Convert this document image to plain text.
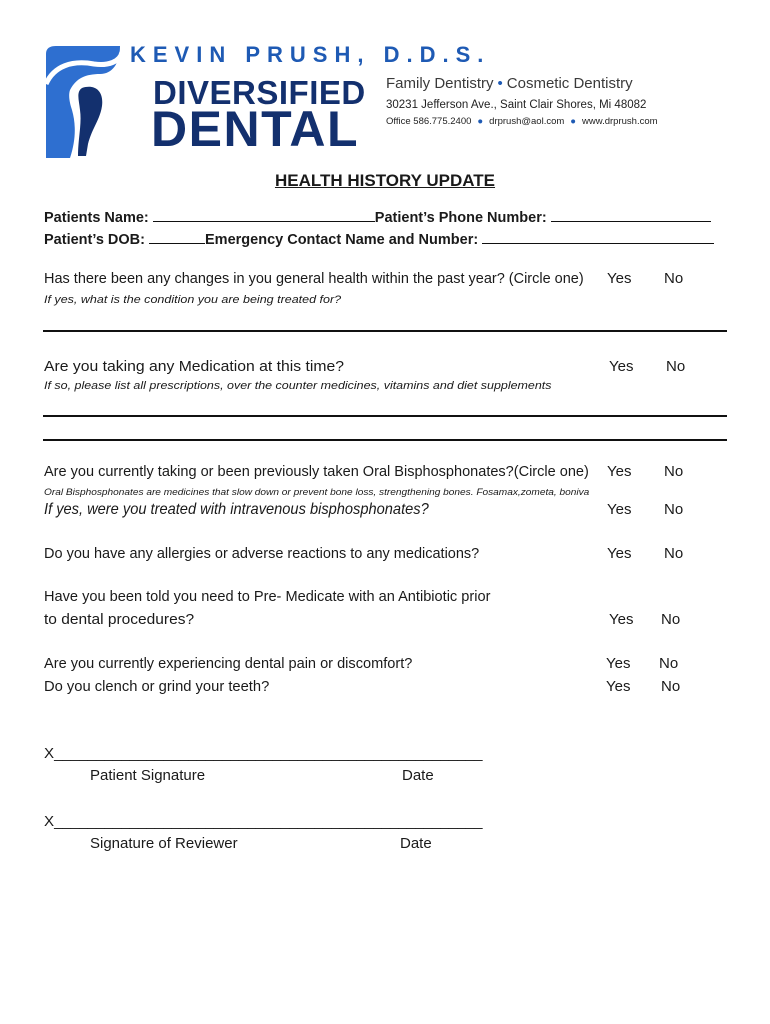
KEVIN PRUSH, D.D.S.
DIVERSIFIED
DENTAL
Family Dentistry • Cosmetic Dentistry
30231 Jefferson Ave., Saint Clair Shores, Mi 48082
Office 586.775.2400 ● drprush@aol.com ● www.drprush.com
HEALTH HISTORY UPDATE
Patients Name:	Patient’s Phone Number:
Patient’s DOB:	Emergency Contact Name and Number:
Has there been any changes in you general health within the past year? (Circle one) Yes No
If yes, what is the condition you are being treated for?
Are you taking any Medication at this time?	Yes No
If so, please list all prescriptions, over the counter medicines, vitamins and diet supplements
Are you currently taking or been previously taken Oral Bisphosphonates?(Circle one) Yes No
Oral Bisphosphonates are medicines that slow down or prevent bone loss, strengthening bones. Fosamax,zometa, boniva
If yes, were you treated with intravenous bisphosphonates?	Yes No
Do you have any allergies or adverse reactions to any medications?	Yes No
Have you been told you need to Pre- Medicate with an Antibiotic prior
to dental procedures?	Yes No
Are you currently experiencing dental pain or discomfort?	Yes No
Do you clench or grind your teeth?	Yes No
X___________________________________________________
Patient Signature	Date
X___________________________________________________
Signature of Reviewer	Date
